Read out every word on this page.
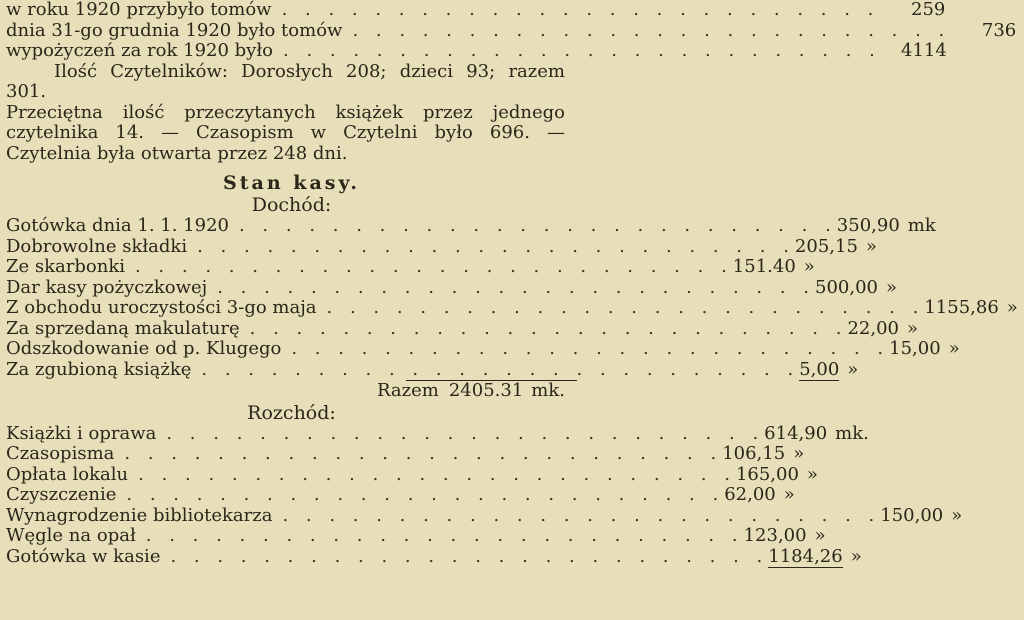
w roku 1920 przybyło tomów . . . . . . . . . . . . . . . . . . . . . . . . . .	259
dnia 31-go grudnia 1920 było tomów . . . . . . . . . . . . . . . . . . . . . . . . . .	736
wypożyczeń za rok 1920 było . . . . . . . . . . . . . . . . . . . . . . . . . .	4114

Ilość Czytelników: Dorosłych 208; dzieci 93; razem 301.

Przeciętna ilość przeczytanych książek przez jednego czytelnika 14. — Czasopism w Czytelni było 696. — Czytelnia była otwarta przez 248 dni.

Stan kasy.
Dochód:
Gotówka dnia 1. 1. 1920 . . . . . . . . . . . . . . . . . . . . . . . . . . 350,90 mk
Dobrowolne składki . . . . . . . . . . . . . . . . . . . . . . . . . . 205,15 »
Ze skarbonki . . . . . . . . . . . . . . . . . . . . . . . . . . 151.40 »
Dar kasy pożyczkowej . . . . . . . . . . . . . . . . . . . . . . . . . . 500,00 »
Z obchodu uroczystości 3-go maja . . . . . . . . . . . . . . . . . . . . . . . . . . 1155,86 »
Za sprzedaną makulaturę . . . . . . . . . . . . . . . . . . . . . . . . . . 22,00 »
Odszkodowanie od p. Klugego . . . . . . . . . . . . . . . . . . . . . . . . . . 15,00 »
Za zgubioną książkę . . . . . . . . . . . . . . . . . . . . . . . . . . 5,00 »
Razem 2405.31 mk.
Rozchód:
Książki i oprawa . . . . . . . . . . . . . . . . . . . . . . . . . . 614,90 mk.
Czasopisma . . . . . . . . . . . . . . . . . . . . . . . . . . 106,15 »
Opłata lokalu . . . . . . . . . . . . . . . . . . . . . . . . . . 165,00 »
Czyszczenie . . . . . . . . . . . . . . . . . . . . . . . . . . 62,00 »
Wynagrodzenie bibliotekarza . . . . . . . . . . . . . . . . . . . . . . . . . . 150,00 »
Węgle na opał . . . . . . . . . . . . . . . . . . . . . . . . . . 123,00 »
Gotówka w kasie . . . . . . . . . . . . . . . . . . . . . . . . . . 1184,26 »
